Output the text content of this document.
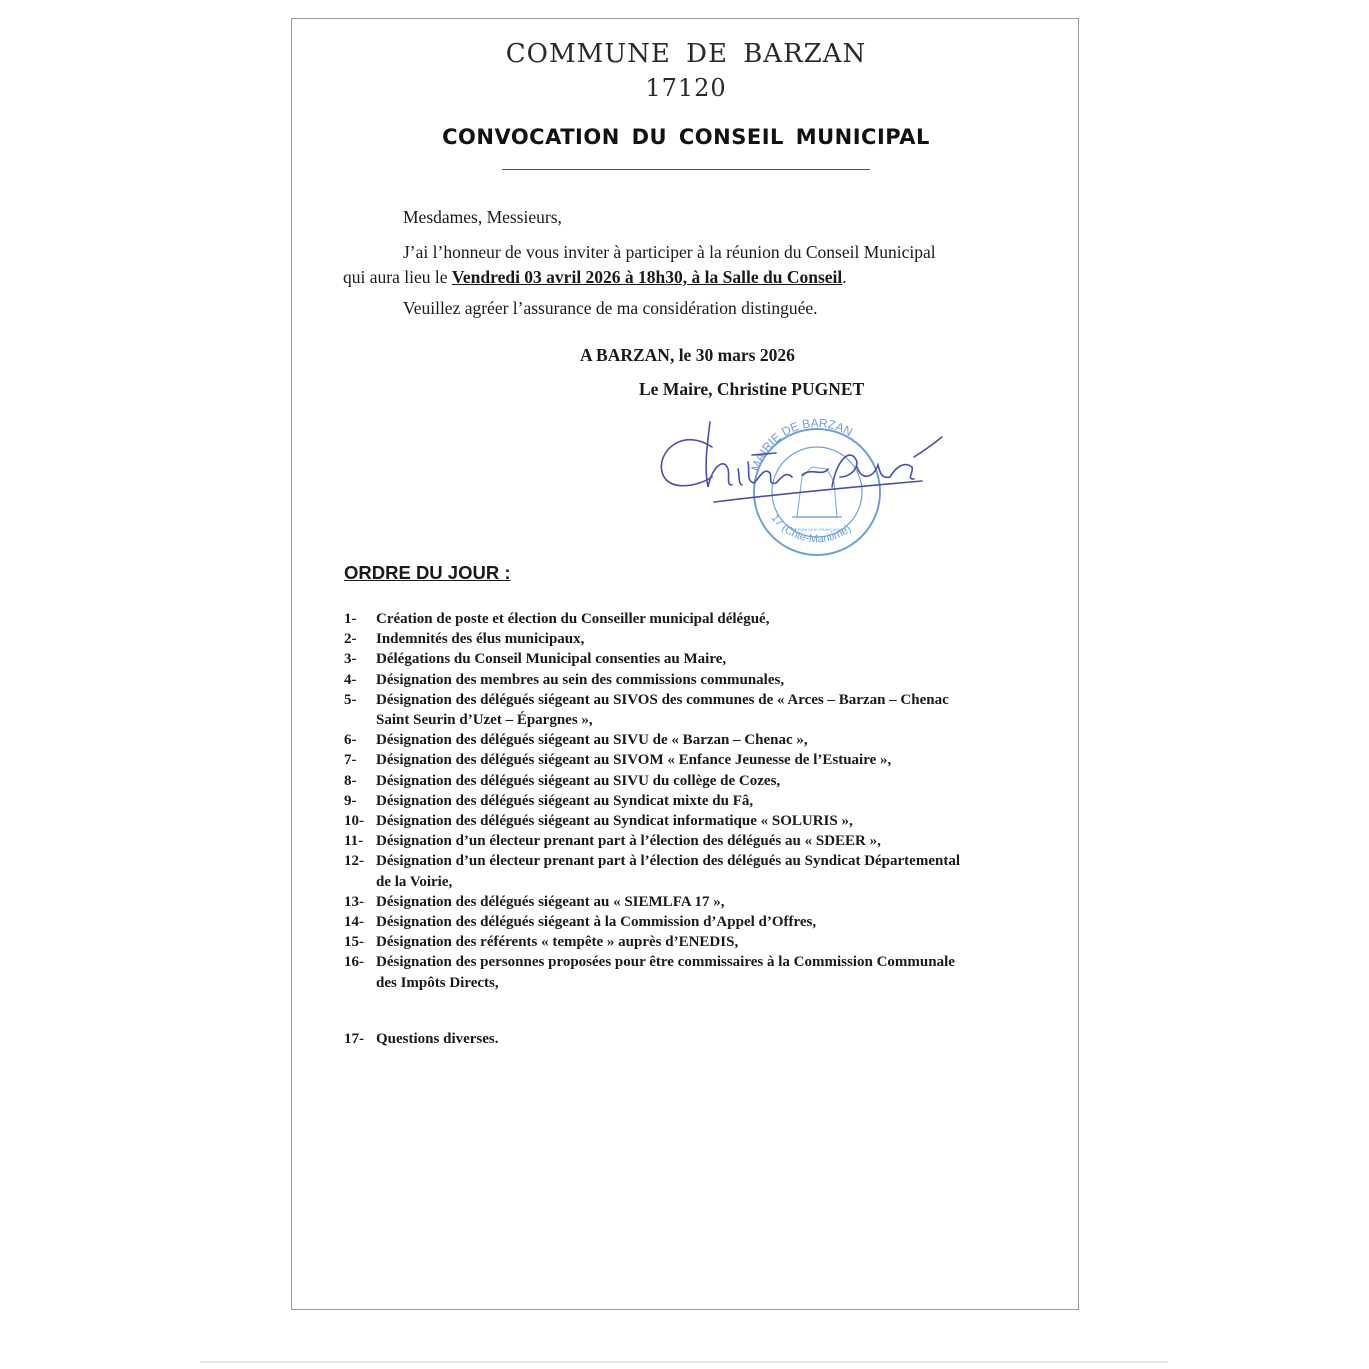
COMMUNE DE BARZAN
17120
CONVOCATION DU CONSEIL MUNICIPAL
Mesdames, Messieurs,
J’ai l’honneur de vous inviter à participer à la réunion du Conseil Municipal
qui aura lieu le Vendredi 03 avril 2026 à 18h30, à la Salle du Conseil.
Veuillez agréer l’assurance de ma considération distinguée.
A BARZAN, le 30 mars 2026
Le Maire, Christine PUGNET
MAIRIE DE BARZAN
17 (Chte-Maritime)
RÉPUBLIQUE FRANÇAISE
ORDRE DU JOUR :
1- Création de poste et élection du Conseiller municipal délégué,
2- Indemnités des élus municipaux,
3- Délégations du Conseil Municipal consenties au Maire,
4- Désignation des membres au sein des commissions communales,
5- Désignation des délégués siégeant au SIVOS des communes de « Arces – Barzan – Chenac
Saint Seurin d’Uzet – Épargnes »,
6- Désignation des délégués siégeant au SIVU de « Barzan – Chenac »,
7- Désignation des délégués siégeant au SIVOM « Enfance Jeunesse de l’Estuaire »,
8- Désignation des délégués siégeant au SIVU du collège de Cozes,
9- Désignation des délégués siégeant au Syndicat mixte du Fâ,
10- Désignation des délégués siégeant au Syndicat informatique « SOLURIS »,
11- Désignation d’un électeur prenant part à l’élection des délégués au « SDEER »,
12- Désignation d’un électeur prenant part à l’élection des délégués au Syndicat Départemental
de la Voirie,
13- Désignation des délégués siégeant au « SIEMLFA 17 »,
14- Désignation des délégués siégeant à la Commission d’Appel d’Offres,
15- Désignation des référents « tempête » auprès d’ENEDIS,
16- Désignation des personnes proposées pour être commissaires à la Commission Communale
des Impôts Directs,
17- Questions diverses.
